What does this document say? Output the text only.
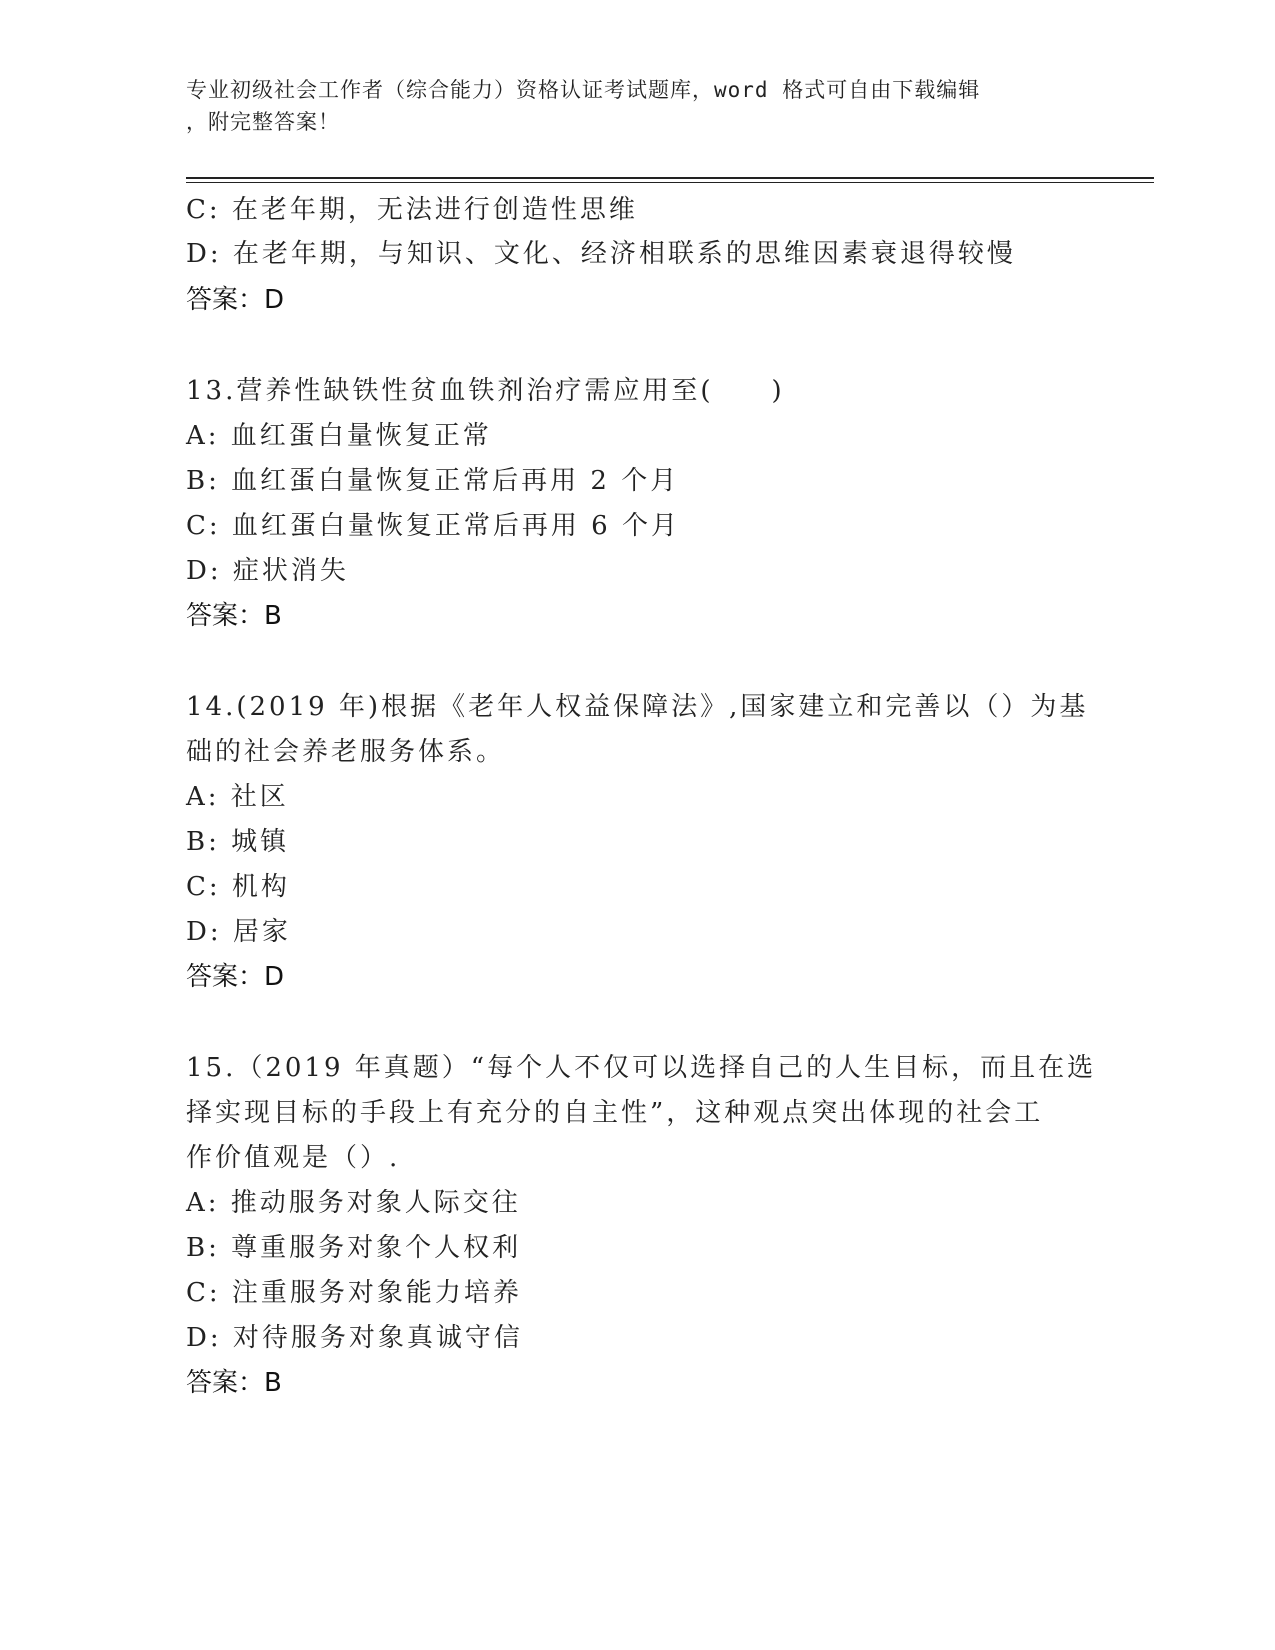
专业初级社会工作者（综合能力）资格认证考试题库，word 格式可自由下载编辑
，附完整答案！
C: 在老年期，无法进行创造性思维
D: 在老年期，与知识、文化、经济相联系的思维因素衰退得较慢
答案：D
13.营养性缺铁性贫血铁剂治疗需应用至(　　)
A: 血红蛋白量恢复正常
B: 血红蛋白量恢复正常后再用 2 个月
C: 血红蛋白量恢复正常后再用 6 个月
D: 症状消失
答案：B
14.(2019 年)根据《老年人权益保障法》,国家建立和完善以（）为基
础的社会养老服务体系。
A: 社区
B: 城镇
C: 机构
D: 居家
答案：D
15.（2019 年真题）“每个人不仅可以选择自己的人生目标，而且在选
择实现目标的手段上有充分的自主性”，这种观点突出体现的社会工
作价值观是（）.
A: 推动服务对象人际交往
B: 尊重服务对象个人权利
C: 注重服务对象能力培养
D: 对待服务对象真诚守信
答案：B
